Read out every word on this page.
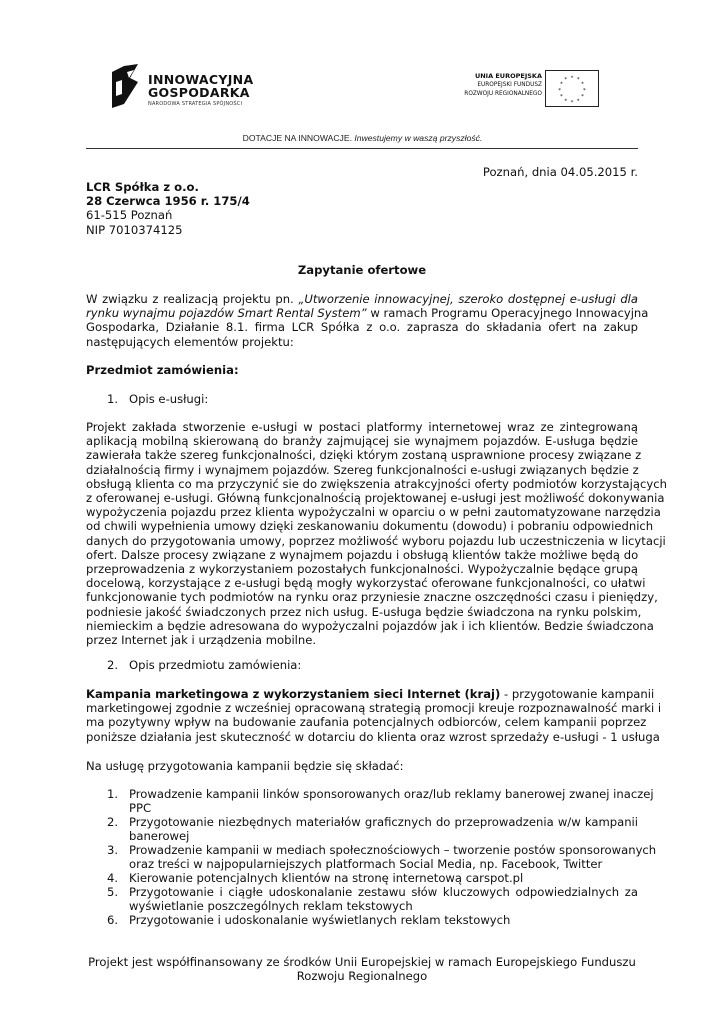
INNOWACYJNA
GOSPODARKA
NARODOWA STRATEGIA SPÓJNOŚCI
UNIA EUROPEJSKA
EUROPEJSKI FUNDUSZ
ROZWOJU REGIONALNEGO
* *
*
*
*
*
*
*
*
*
*
*
DOTACJE NA INNOWACJE. Inwestujemy w waszą przyszłość.
Poznań, dnia 04.05.2015 r.
LCR Spółka z o.o.
28 Czerwca 1956 r. 175/4
61-515 Poznań
NIP 7010374125
Zapytanie ofertowe
W związku z realizacją projektu pn. „Utworzenie innowacyjnej, szeroko dostępnej e-usługi dla
rynku wynajmu pojazdów Smart Rental System” w ramach Programu Operacyjnego Innowacyjna
Gospodarka, Działanie 8.1. firma LCR Spółka z o.o. zaprasza do składania ofert na zakup
następujących elementów projektu:
Przedmiot zamówienia:
1. Opis e-usługi:
Projekt zakłada stworzenie e-usługi w postaci platformy internetowej wraz ze zintegrowaną
aplikacją mobilną skierowaną do branży zajmującej sie wynajmem pojazdów. E-usługa będzie
zawierała także szereg funkcjonalności, dzięki którym zostaną usprawnione procesy związane z
działalnością firmy i wynajmem pojazdów. Szereg funkcjonalności e-usługi związanych będzie z
obsługą klienta co ma przyczynić sie do zwiększenia atrakcyjności oferty podmiotów korzystających
z oferowanej e-usługi. Główną funkcjonalnością projektowanej e-usługi jest możliwość dokonywania
wypożyczenia pojazdu przez klienta wypożyczalni w oparciu o w pełni zautomatyzowane narzędzia
od chwili wypełnienia umowy dzięki zeskanowaniu dokumentu (dowodu) i pobraniu odpowiednich
danych do przygotowania umowy, poprzez możliwość wyboru pojazdu lub uczestniczenia w licytacji
ofert. Dalsze procesy związane z wynajmem pojazdu i obsługą klientów także możliwe będą do
przeprowadzenia z wykorzystaniem pozostałych funkcjonalności. Wypożyczalnie będące grupą
docelową, korzystające z e-usługi będą mogły wykorzystać oferowane funkcjonalności, co ułatwi
funkcjonowanie tych podmiotów na rynku oraz przyniesie znaczne oszczędności czasu i pieniędzy,
podniesie jakość świadczonych przez nich usług. E-usługa będzie świadczona na rynku polskim,
niemieckim a będzie adresowana do wypożyczalni pojazdów jak i ich klientów. Bedzie świadczona
przez Internet jak i urządzenia mobilne.
2. Opis przedmiotu zamówienia:
Kampania marketingowa z wykorzystaniem sieci Internet (kraj) - przygotowanie kampanii
marketingowej zgodnie z wcześniej opracowaną strategią promocji kreuje rozpoznawalność marki i
ma pozytywny wpływ na budowanie zaufania potencjalnych odbiorców, celem kampanii poprzez
poniższe działania jest skuteczność w dotarciu do klienta oraz wzrost sprzedaży e-usługi - 1 usługa
Na usługę przygotowania kampanii będzie się składać:
1. Prowadzenie kampanii linków sponsorowanych oraz/lub reklamy banerowej zwanej inaczej
PPC
2. Przygotowanie niezbędnych materiałów graficznych do przeprowadzenia w/w kampanii
banerowej
3. Prowadzenie kampanii w mediach społecznościowych – tworzenie postów sponsorowanych
oraz treści w najpopularniejszych platformach Social Media, np. Facebook, Twitter
4. Kierowanie potencjalnych klientów na stronę internetową carspot.pl
5. Przygotowanie i ciągłe udoskonalanie zestawu słów kluczowych odpowiedzialnych za
wyświetlanie poszczególnych reklam tekstowych
6. Przygotowanie i udoskonalanie wyświetlanych reklam tekstowych
Projekt jest współfinansowany ze środków Unii Europejskiej w ramach Europejskiego Funduszu
Rozwoju Regionalnego
